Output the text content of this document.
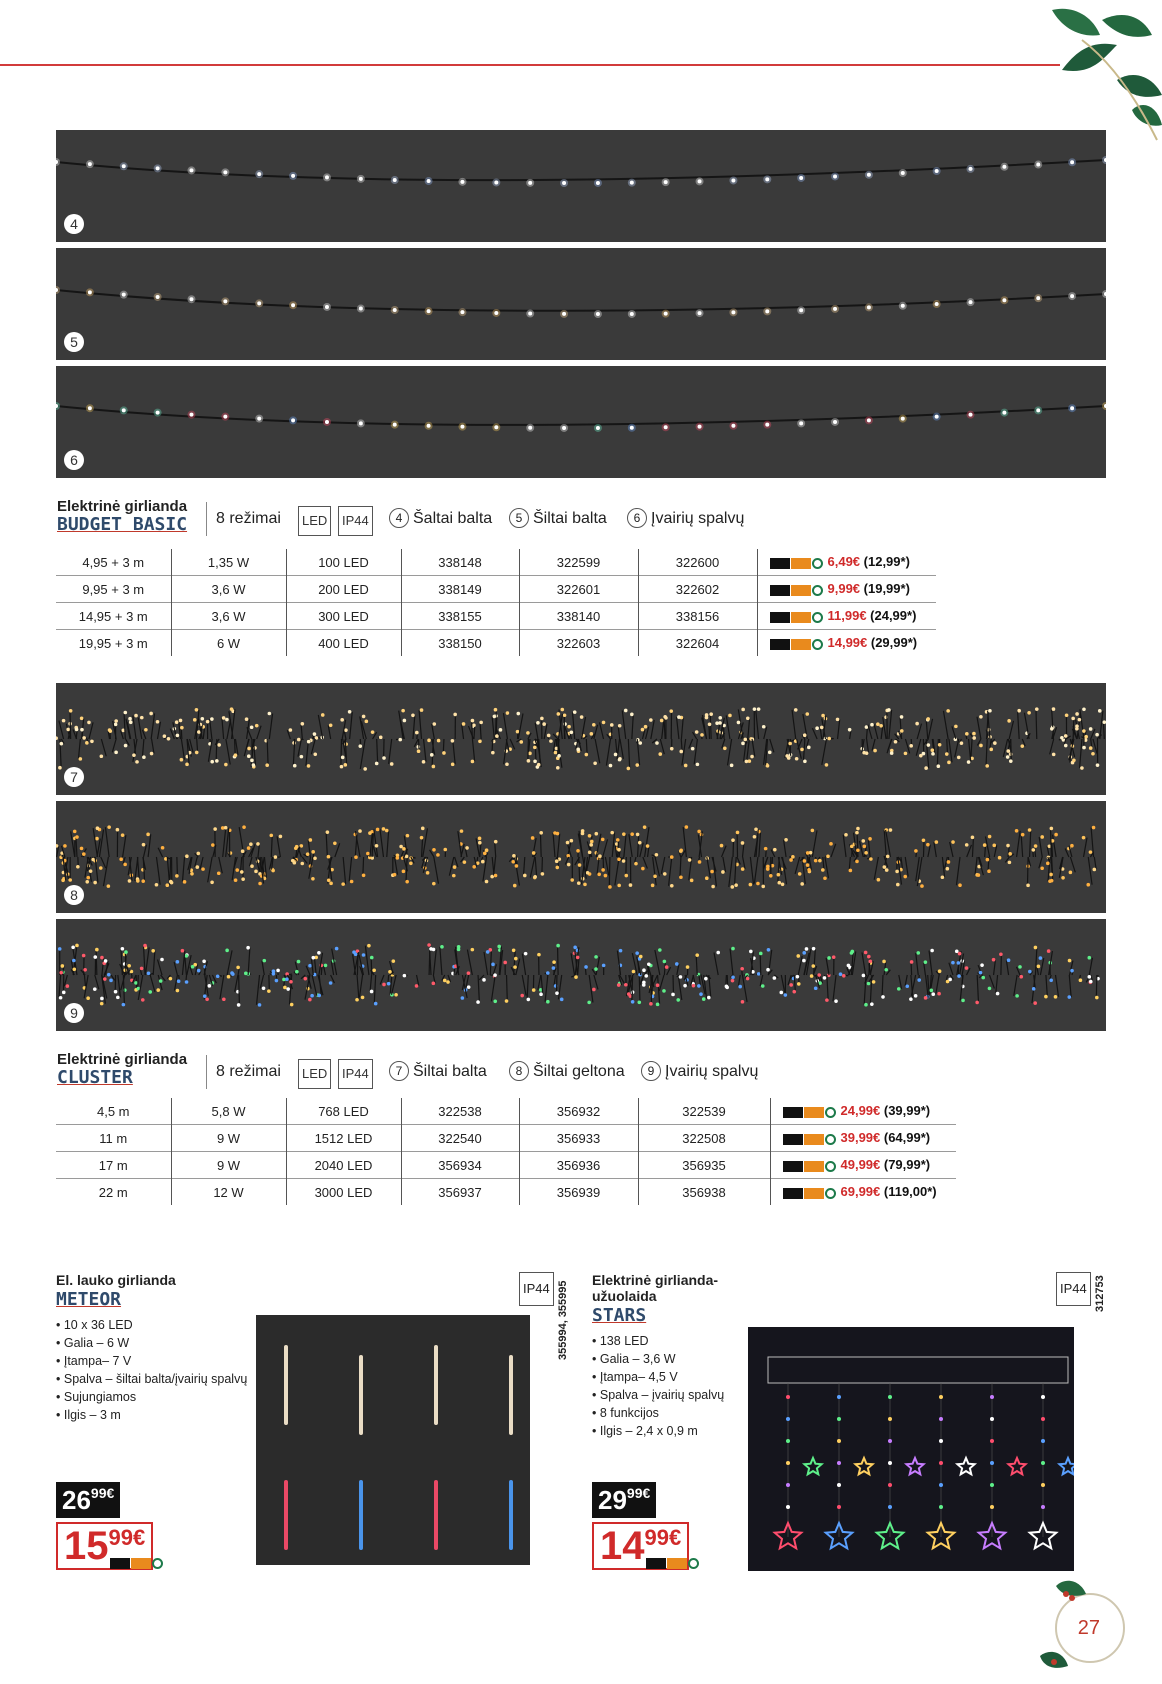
4
5
6
Elektrinė girlianda
BUDGET BASIC 8 režimai	LED	IP44	4 Šaltai balta	5 Šiltai balta	6 Įvairių spalvų
4,95 + 3 m	1,35 W	100 LED	338148	322599	322600	6,49€ (12,99*)
9,95 + 3 m	3,6 W	200 LED	338149	322601	322602	9,99€ (19,99*)
14,95 + 3 m	3,6 W	300 LED	338155	338140	338156	11,99€ (24,99*)
19,95 + 3 m	6 W	400 LED	338150	322603	322604	14,99€ (29,99*)
7
8
9
Elektrinė girlianda
CLUSTER	8 režimai	LED	IP44	7 Šiltai balta	8 Šiltai geltona	9 Įvairių spalvų
4,5 m	5,8 W	768 LED	322538	356932	322539	24,99€ (39,99*)
11 m	9 W	1512 LED	322540	356933	322508	39,99€ (64,99*)
17 m	9 W	2040 LED	356934	356936	356935	49,99€ (79,99*)
22 m	12 W	3000 LED	356937	356939	356938	69,99€ (119,00*)
El. lauko girlianda
METEOR
• 10 x 36 LED
• Galia – 6 W
• Įtampa– 7 V
• Spalva – šiltai balta/įvairių spalvų
• Sujungiamos
• Ilgis – 3 m
IP44 355994, 355995
$26^{99€}$
$15^{99€}$
Elektrinė girlianda-užuolaida
STARS
• 138 LED
• Galia – 3,6 W
• Įtampa– 4,5 V
• Spalva – įvairių spalvų
• 8 funkcijos
• Ilgis – 2,4 x 0,9 m
IP44 312753
$29^{99€}$
$14^{99€}$
27
